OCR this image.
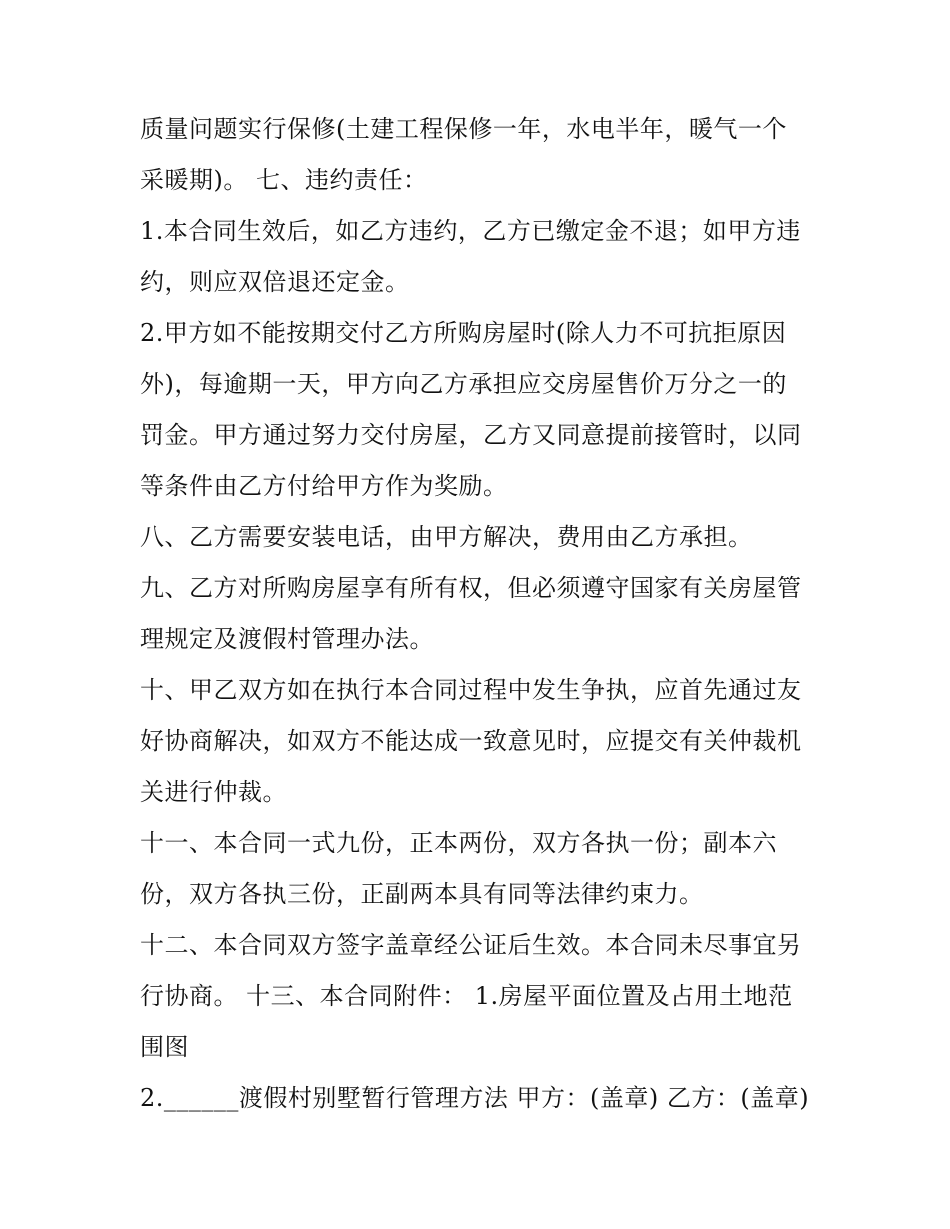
质量问题实行保修(土建工程保修一年，水电半年，暖气一个
采暖期)。 七、违约责任：
1.本合同生效后，如乙方违约，乙方已缴定金不退；如甲方违
约，则应双倍退还定金。
2.甲方如不能按期交付乙方所购房屋时(除人力不可抗拒原因
外)，每逾期一天，甲方向乙方承担应交房屋售价万分之一的
罚金。甲方通过努力交付房屋，乙方又同意提前接管时，以同
等条件由乙方付给甲方作为奖励。
八、乙方需要安装电话，由甲方解决，费用由乙方承担。
九、乙方对所购房屋享有所有权，但必须遵守国家有关房屋管
理规定及渡假村管理办法。
十、甲乙双方如在执行本合同过程中发生争执，应首先通过友
好协商解决，如双方不能达成一致意见时，应提交有关仲裁机
关进行仲裁。
十一、本合同一式九份，正本两份，双方各执一份；副本六
份，双方各执三份，正副两本具有同等法律约束力。
十二、本合同双方签字盖章经公证后生效。本合同未尽事宜另
行协商。 十三、本合同附件： 1.房屋平面位置及占用土地范
围图
2.______渡假村别墅暂行管理方法 甲方：(盖章) 乙方：(盖章)
